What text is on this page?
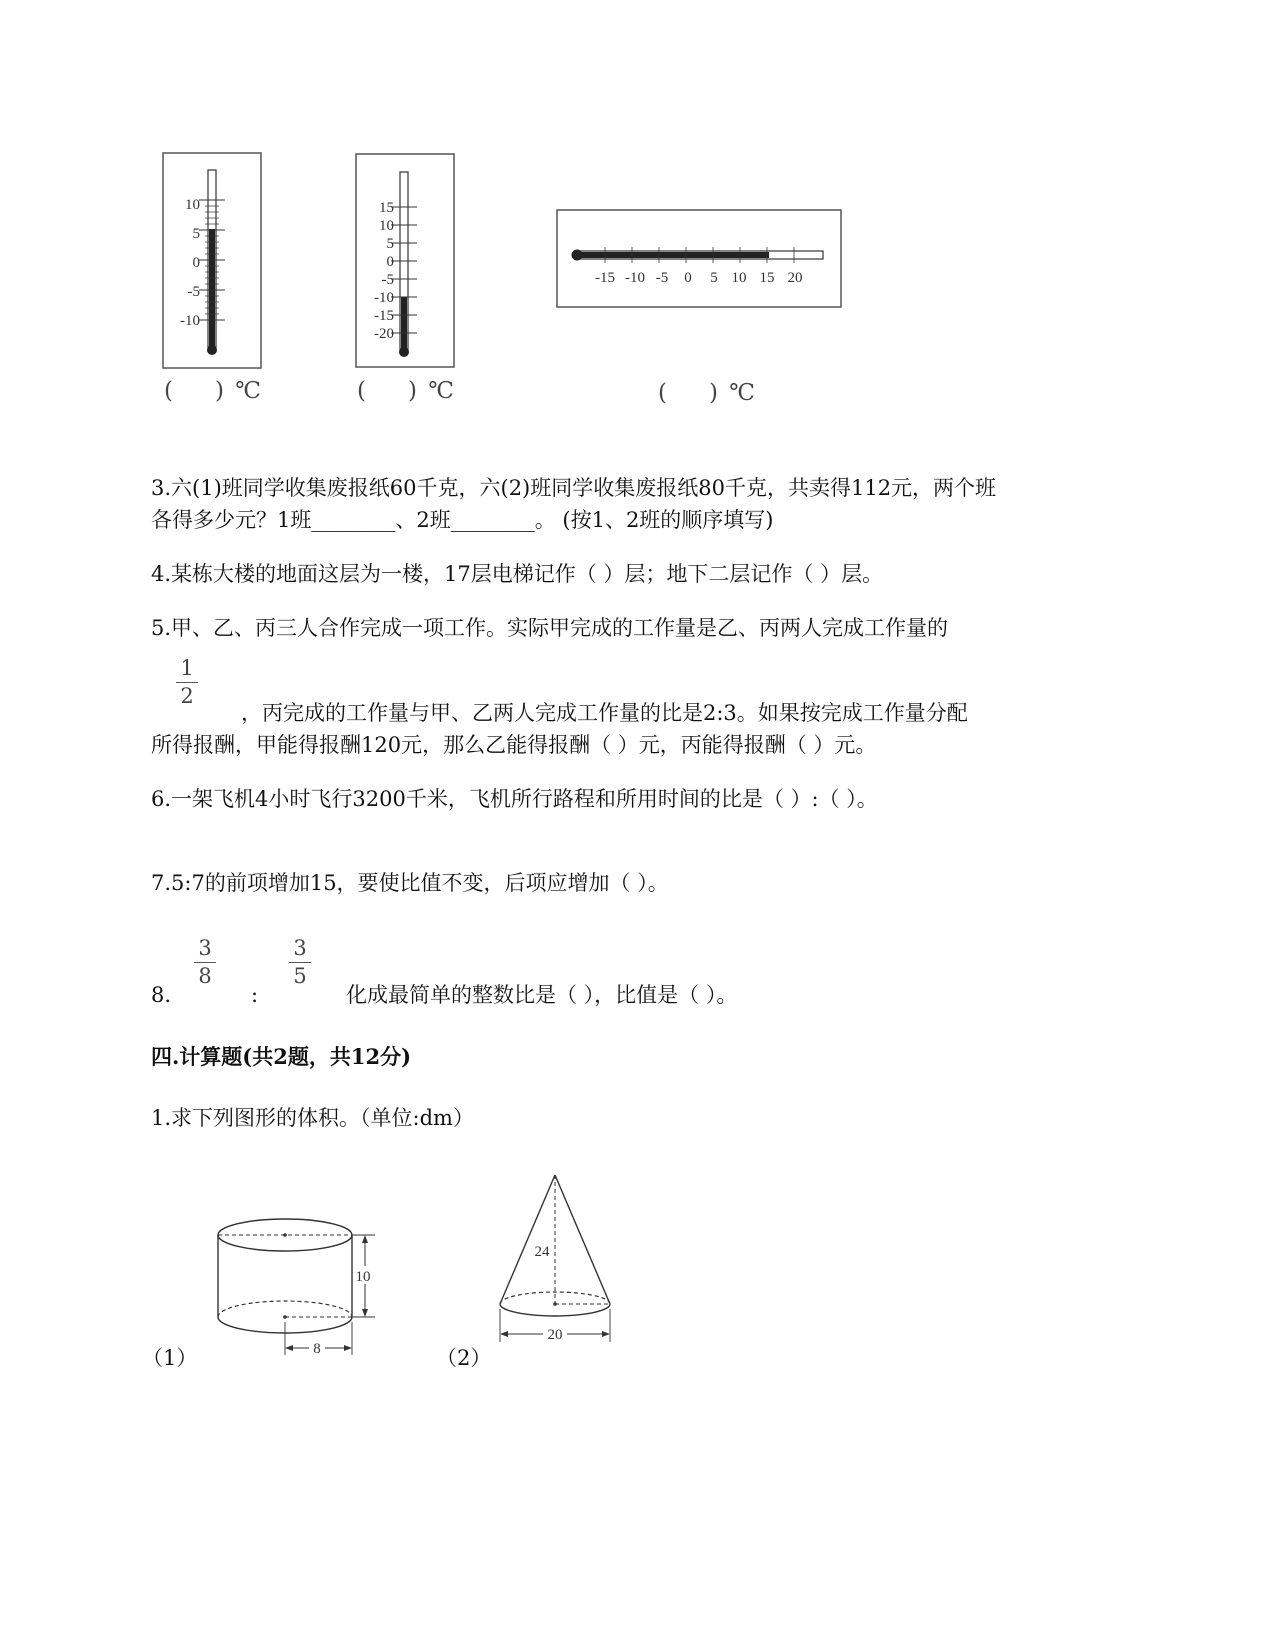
10
5
0
-5
-10
( ) ℃
15
10
5
0
-5
-10
-15
-20
( ) ℃
-15 -10 -5 0 5 10 15 20
( ) ℃
3.六(1)班同学收集废报纸60千克，六(2)班同学收集废报纸80千克，共卖得112元，两个班
各得多少元？1班________、2班________。 (按1、2班的顺序填写)
4.某栋大楼的地面这层为一楼，17层电梯记作（ ）层；地下二层记作（ ）层。
5.甲、乙、丙三人合作完成一项工作。实际甲完成的工作量是乙、丙两人完成工作量的
1
2
，丙完成的工作量与甲、乙两人完成工作量的比是2:3。如果按完成工作量分配
所得报酬，甲能得报酬120元，那么乙能得报酬（ ）元，丙能得报酬（ ）元。
6.一架飞机4小时飞行3200千米，飞机所行路程和所用时间的比是（ ）:（ ）。
7.5:7的前项增加15，要使比值不变，后项应增加（ ）。
8.
3
8
:
3
5
化成最简单的整数比是（ ），比值是（ ）。
四.计算题(共2题，共12分)
1.求下列图形的体积。（单位:dm）
10
8
（1）
24
20
（2）
